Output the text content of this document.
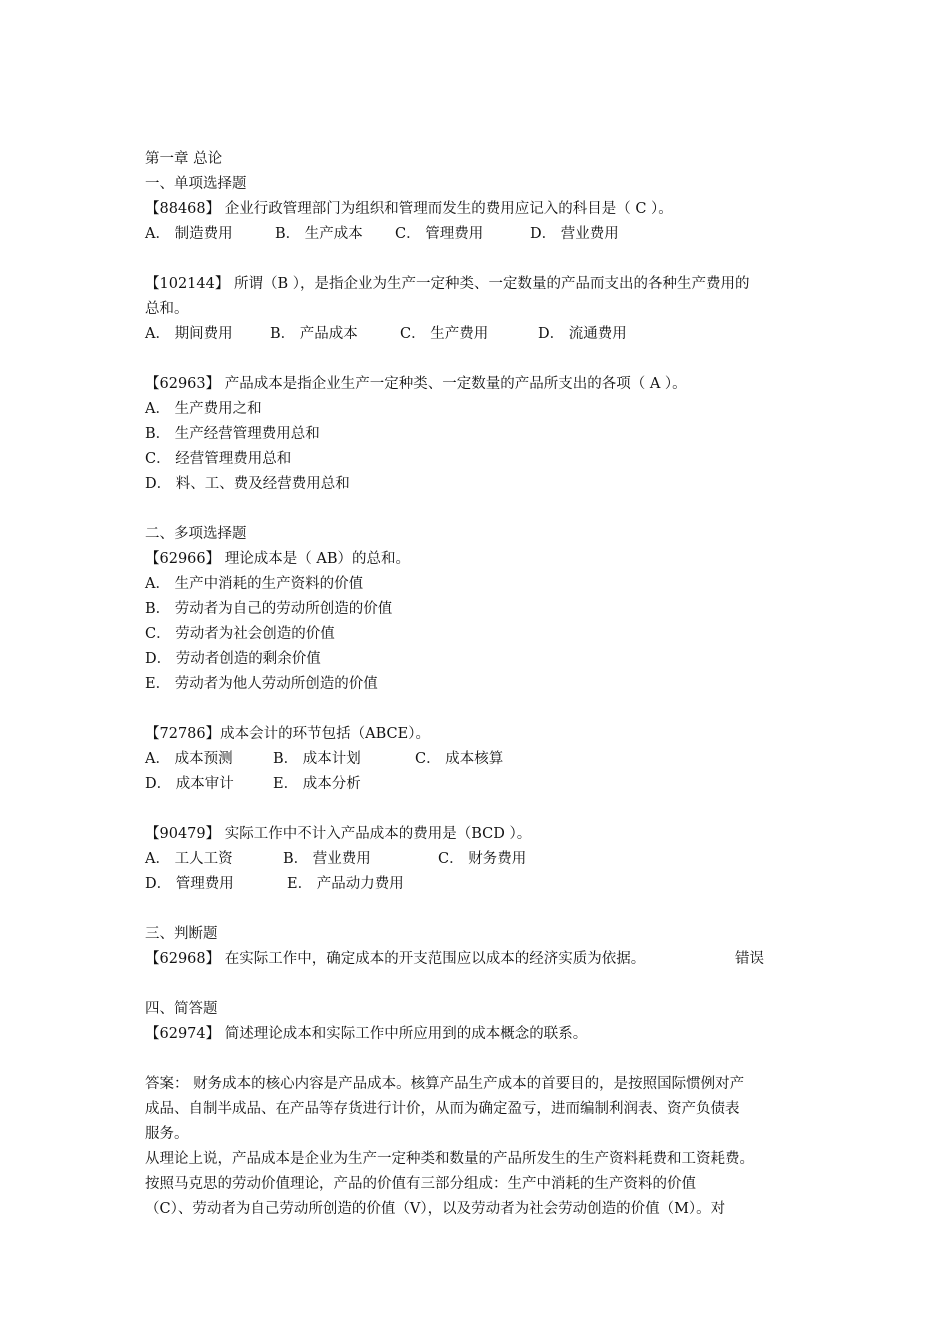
第一章 总论
一、单项选择题
【88468】 企业行政管理部门为组织和管理而发生的费用应记入的科目是（ C ）。
A． 制造费用	B． 生产成本 C． 管理费用	D． 营业费用
【102144】 所谓（B ），是指企业为生产一定种类、一定数量的产品而支出的各种生产费用的
总和。
A． 期间费用	B． 产品成本	C． 生产费用	D． 流通费用
【62963】 产品成本是指企业生产一定种类、一定数量的产品所支出的各项（ A ）。
A． 生产费用之和
B． 生产经营管理费用总和
C． 经营管理费用总和
D． 料、工、费及经营费用总和
二、多项选择题
【62966】 理论成本是（ AB）的总和。
A． 生产中消耗的生产资料的价值
B． 劳动者为自己的劳动所创造的价值
C． 劳动者为社会创造的价值
D． 劳动者创造的剩余价值
E． 劳动者为他人劳动所创造的价值
【72786】成本会计的环节包括（ABCE）。
A． 成本预测	B． 成本计划	C． 成本核算
D． 成本审计	E． 成本分析
【90479】 实际工作中不计入产品成本的费用是（BCD ）。
A． 工人工资	B． 营业费用	C． 财务费用
D． 管理费用	E． 产品动力费用
三、判断题
【62968】 在实际工作中，确定成本的开支范围应以成本的经济实质为依据。	错误
四、简答题
【62974】 简述理论成本和实际工作中所应用到的成本概念的联系。
答案： 财务成本的核心内容是产品成本。核算产品生产成本的首要目的，是按照国际惯例对产
成品、自制半成品、在产品等存货进行计价，从而为确定盈亏，进而编制利润表、资产负债表
服务。
从理论上说，产品成本是企业为生产一定种类和数量的产品所发生的生产资料耗费和工资耗费。
按照马克思的劳动价值理论，产品的价值有三部分组成：生产中消耗的生产资料的价值
（C）、劳动者为自己劳动所创造的价值（V），以及劳动者为社会劳动创造的价值（M）。对
